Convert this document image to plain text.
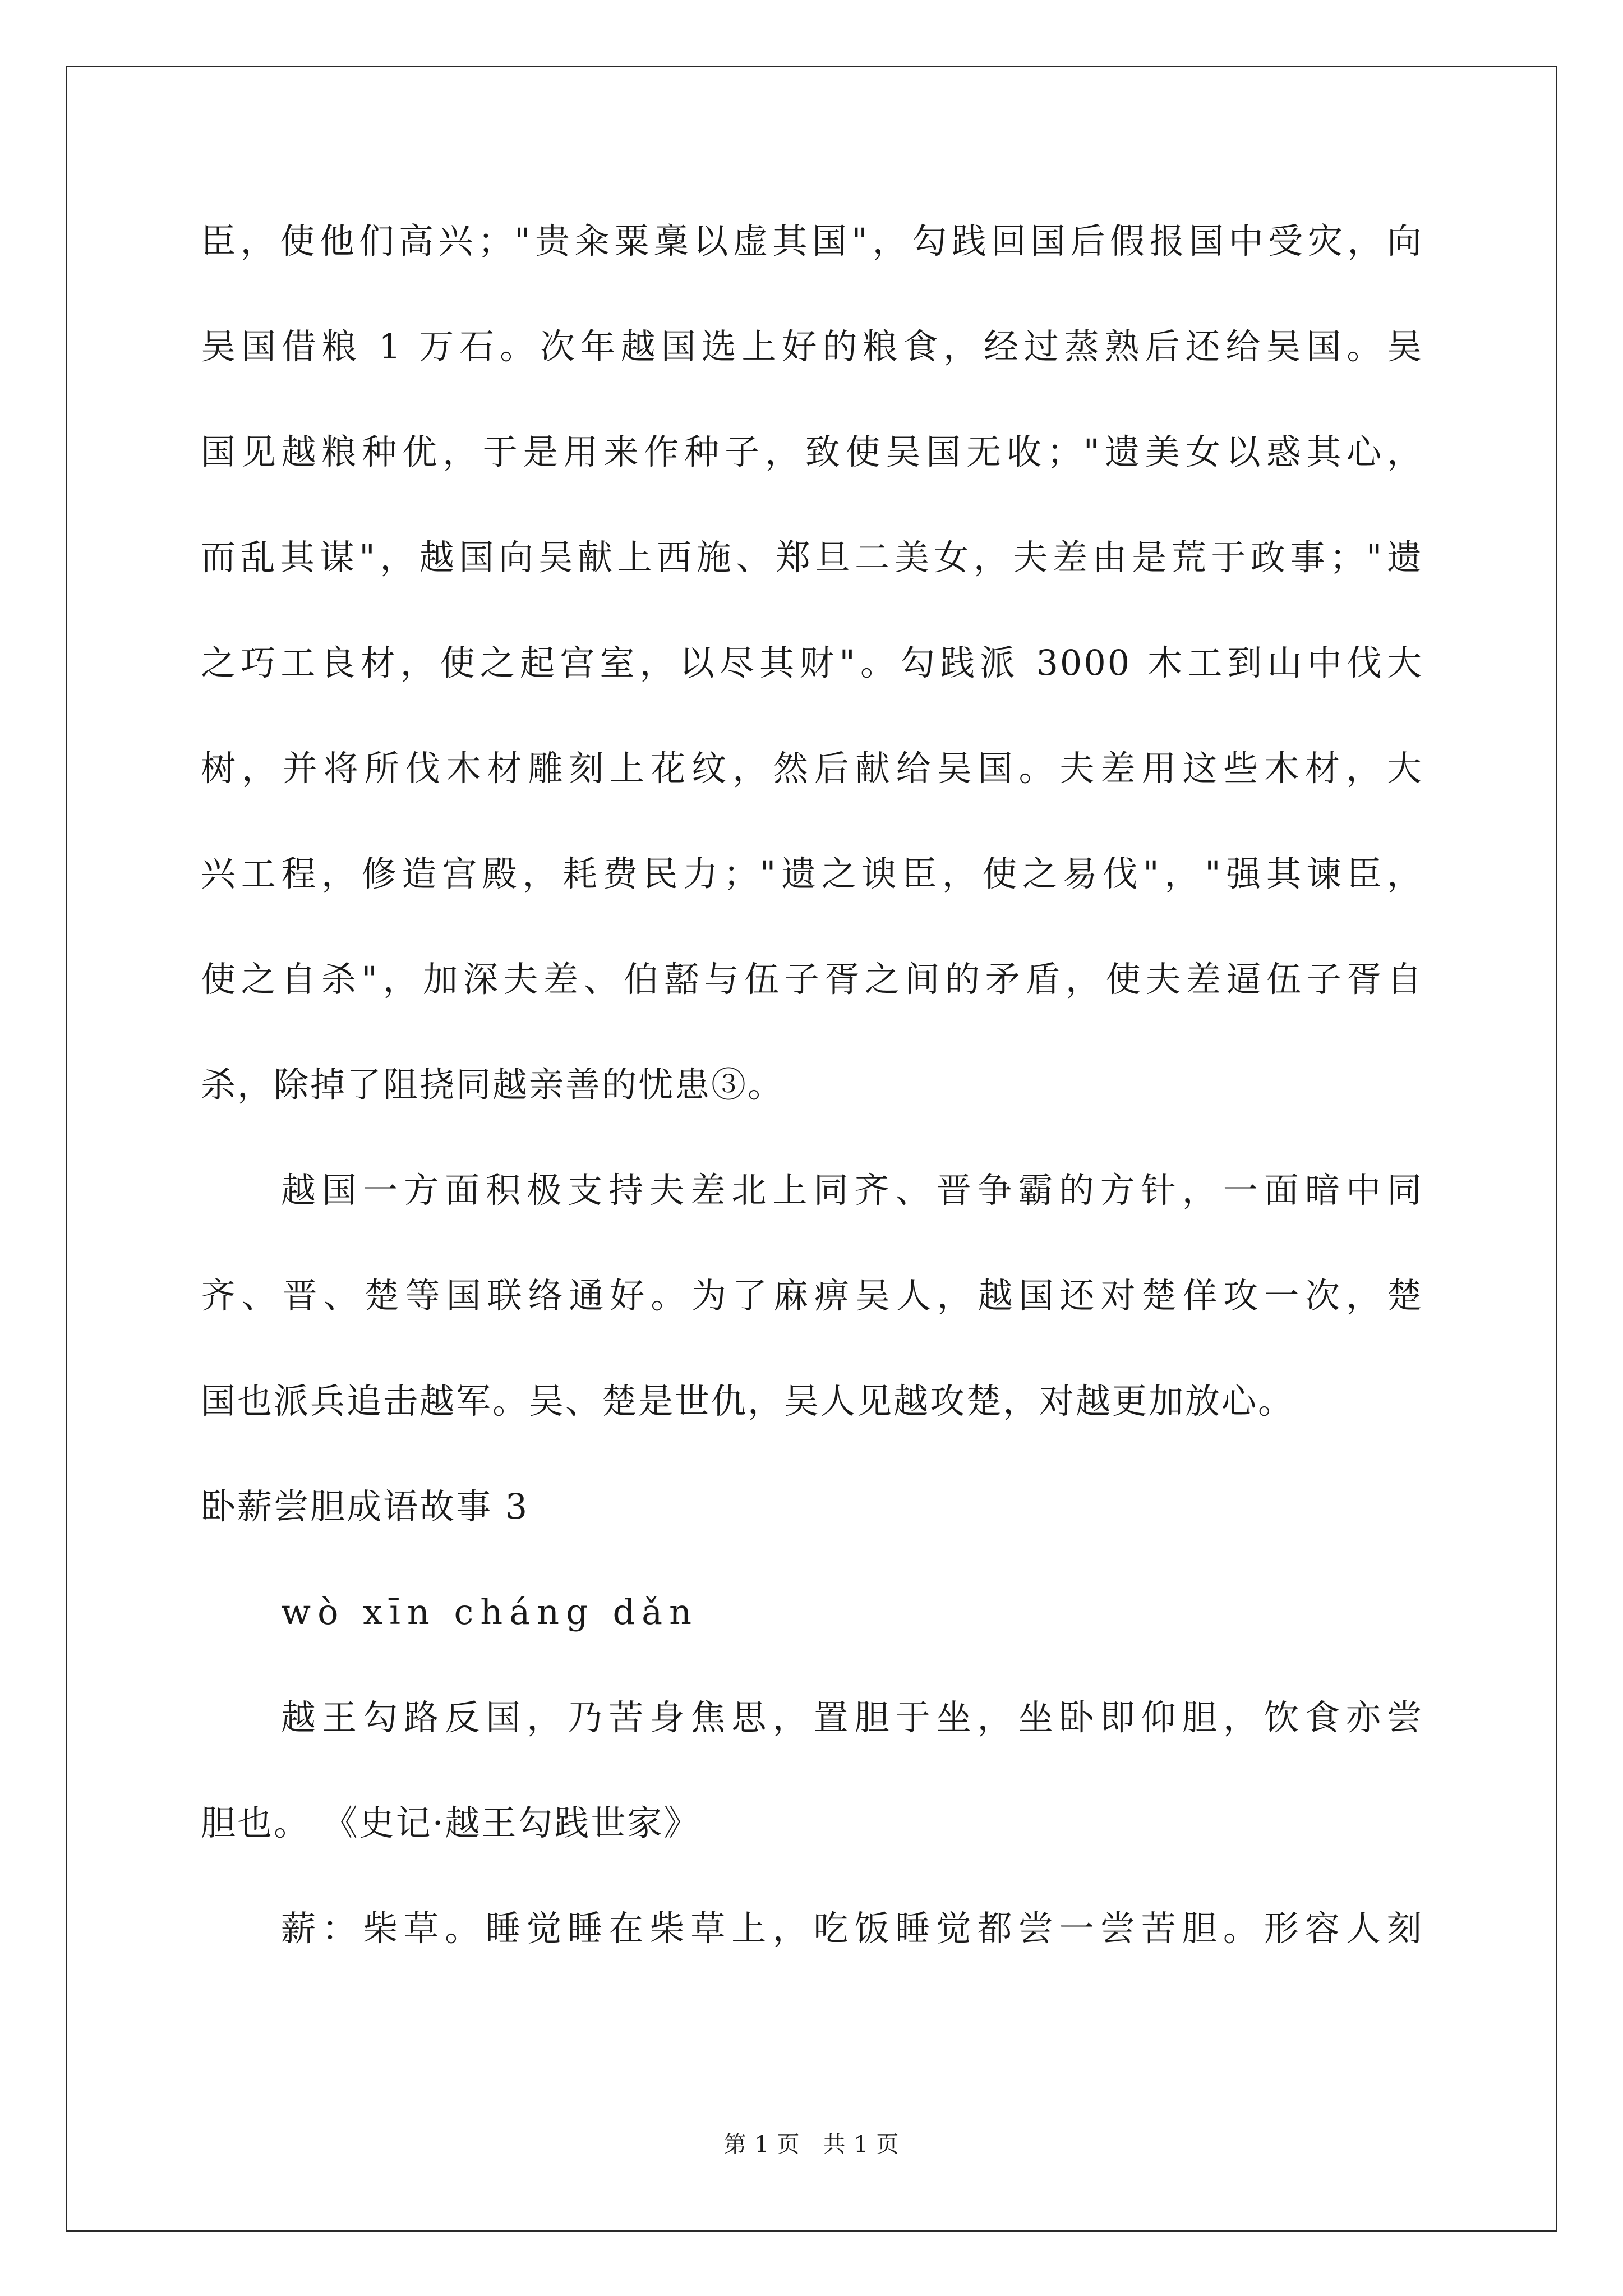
臣，使他们高兴；"贵籴粟稾以虚其国"，勾践回国后假报国中受灾，向
吴国借粮 1 万石。次年越国选上好的粮食，经过蒸熟后还给吴国。吴
国见越粮种优，于是用来作种子，致使吴国无收；"遗美女以惑其心，
而乱其谋"，越国向吴献上西施、郑旦二美女，夫差由是荒于政事；"遗
之巧工良材，使之起宫室，以尽其财"。勾践派 3000 木工到山中伐大
树，并将所伐木材雕刻上花纹，然后献给吴国。夫差用这些木材，大
兴工程，修造宫殿，耗费民力；"遗之谀臣，使之易伐"，"强其谏臣，
使之自杀"，加深夫差、伯嚭与伍子胥之间的矛盾，使夫差逼伍子胥自
杀，除掉了阻挠同越亲善的忧患③。
越国一方面积极支持夫差北上同齐、晋争霸的方针，一面暗中同
齐、晋、楚等国联络通好。为了麻痹吴人，越国还对楚佯攻一次，楚
国也派兵追击越军。吴、楚是世仇，吴人见越攻楚，对越更加放心。
卧薪尝胆成语故事 3
wò xīn cháng dǎn
越王勾路反国，乃苦身焦思，置胆于坐，坐卧即仰胆，饮食亦尝
胆也。 《史记·越王勾践世家》
薪：柴草。睡觉睡在柴草上，吃饭睡觉都尝一尝苦胆。形容人刻
第 1 页　共 1 页
